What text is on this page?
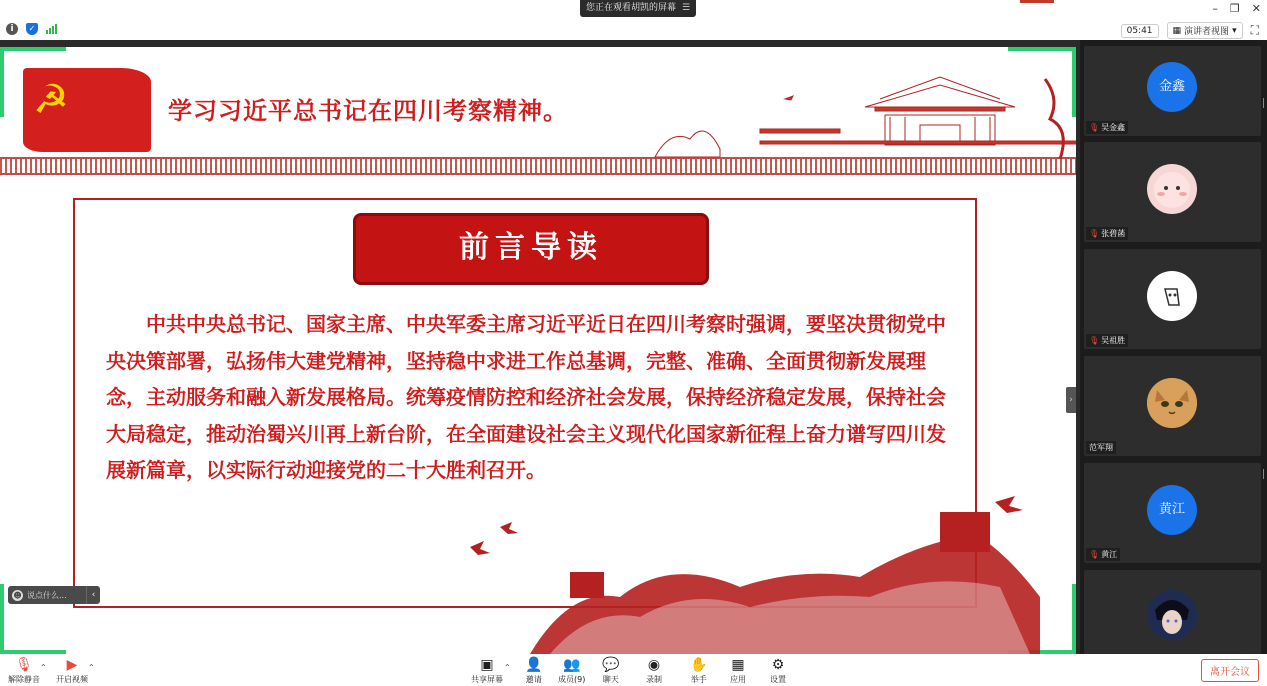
您正在观看胡凯的屏幕 ☰	– ❐ ✕
i	✓	05:41	▦ 演讲者视图 ▾ ⛶
☭	学习习近平总书记在四川考察精神。
前言导读
中共中央总书记、国家主席、中央军委主席习近平近日在四川考察时强调，要坚决贯彻党中央决策部署，弘扬伟大建党精神，坚持稳中求进工作总基调，完整、准确、全面贯彻新发展理念，主动服务和融入新发展格局。统筹疫情防控和经济社会发展，保持经济稳定发展，保持社会大局稳定，推动治蜀兴川再上新台阶，在全面建设社会主义现代化国家新征程上奋力谱写四川发展新篇章，以实际行动迎接党的二十大胜利召开。
☻ 说点什么...	‹
›
金鑫
🎙 吴金鑫
🎙 张碧菡
🎙 吴祖胜
范军翔
黄江
🎙 黄江
🎙
解除静音
⌃ ▶
开启视频
⌃	▣
共享屏幕
⌃ 👤
邀请
👥
成员(9)
💬
聊天
◉
录制
✋
举手
▦
应用
⚙
设置
离开会议
